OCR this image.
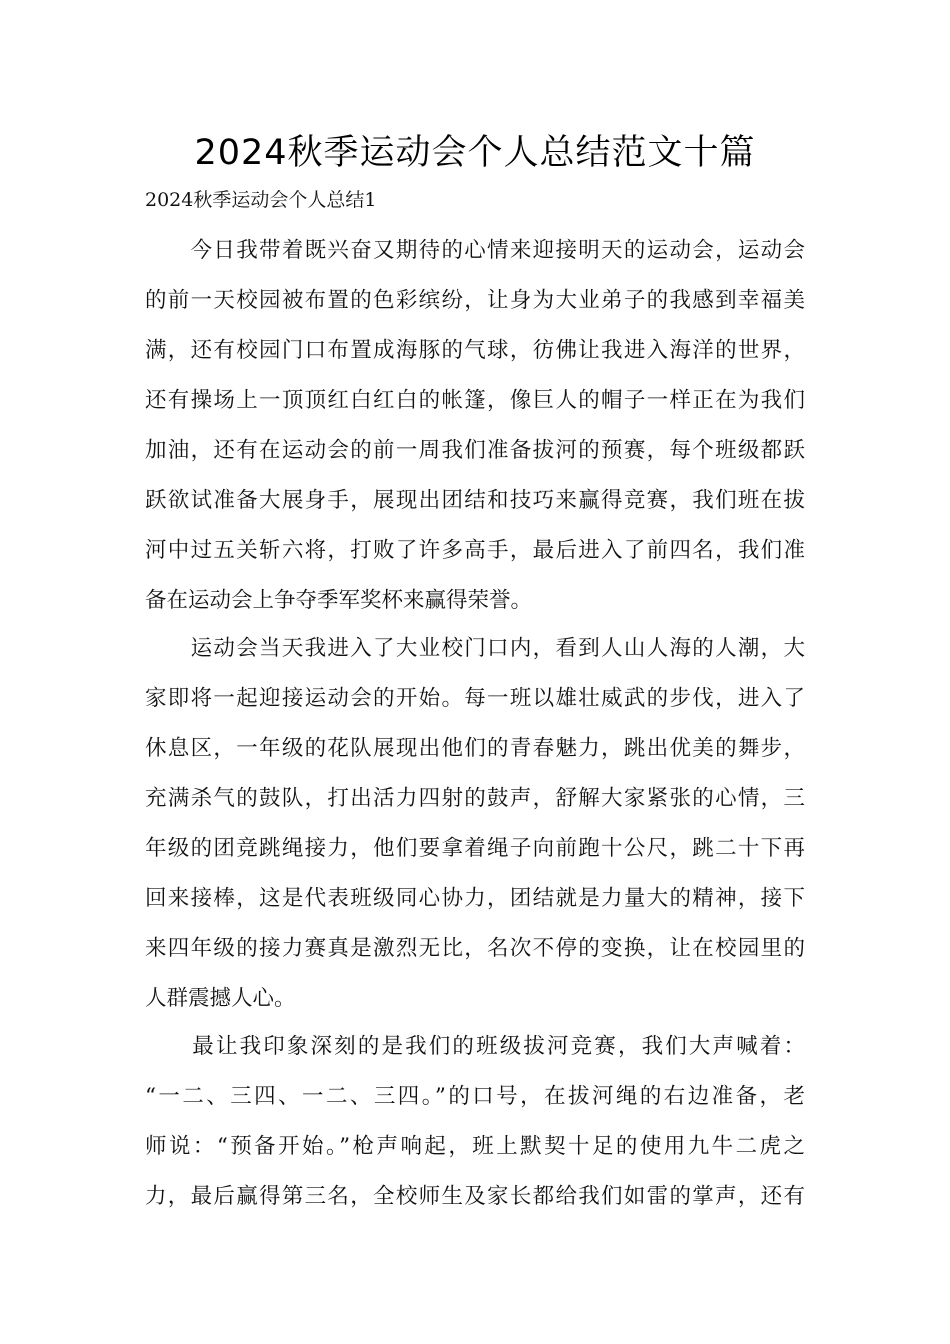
2024秋季运动会个人总结范文十篇
2024秋季运动会个人总结1
　　今日我带着既兴奋又期待的心情来迎接明天的运动会，运动会
的前一天校园被布置的色彩缤纷，让身为大业弟子的我感到幸福美
满，还有校园门口布置成海豚的气球，彷佛让我进入海洋的世界，
还有操场上一顶顶红白红白的帐篷，像巨人的帽子一样正在为我们
加油，还有在运动会的前一周我们准备拔河的预赛，每个班级都跃
跃欲试准备大展身手，展现出团结和技巧来赢得竞赛，我们班在拔
河中过五关斩六将，打败了许多高手，最后进入了前四名，我们准
备在运动会上争夺季军奖杯来赢得荣誉。
　　运动会当天我进入了大业校门口内，看到人山人海的人潮，大
家即将一起迎接运动会的开始。每一班以雄壮威武的步伐，进入了
休息区，一年级的花队展现出他们的青春魅力，跳出优美的舞步，
充满杀气的鼓队，打出活力四射的鼓声，舒解大家紧张的心情，三
年级的团竞跳绳接力，他们要拿着绳子向前跑十公尺，跳二十下再
回来接棒，这是代表班级同心协力，团结就是力量大的精神，接下
来四年级的接力赛真是激烈无比，名次不停的变换，让在校园里的
人群震撼人心。
　　最让我印象深刻的是我们的班级拔河竞赛，我们大声喊着：
“一二、三四、一二、三四。”的口号，在拔河绳的右边准备，老
师说：“预备开始。”枪声响起，班上默契十足的使用九牛二虎之
力，最后赢得第三名，全校师生及家长都给我们如雷的掌声，还有
